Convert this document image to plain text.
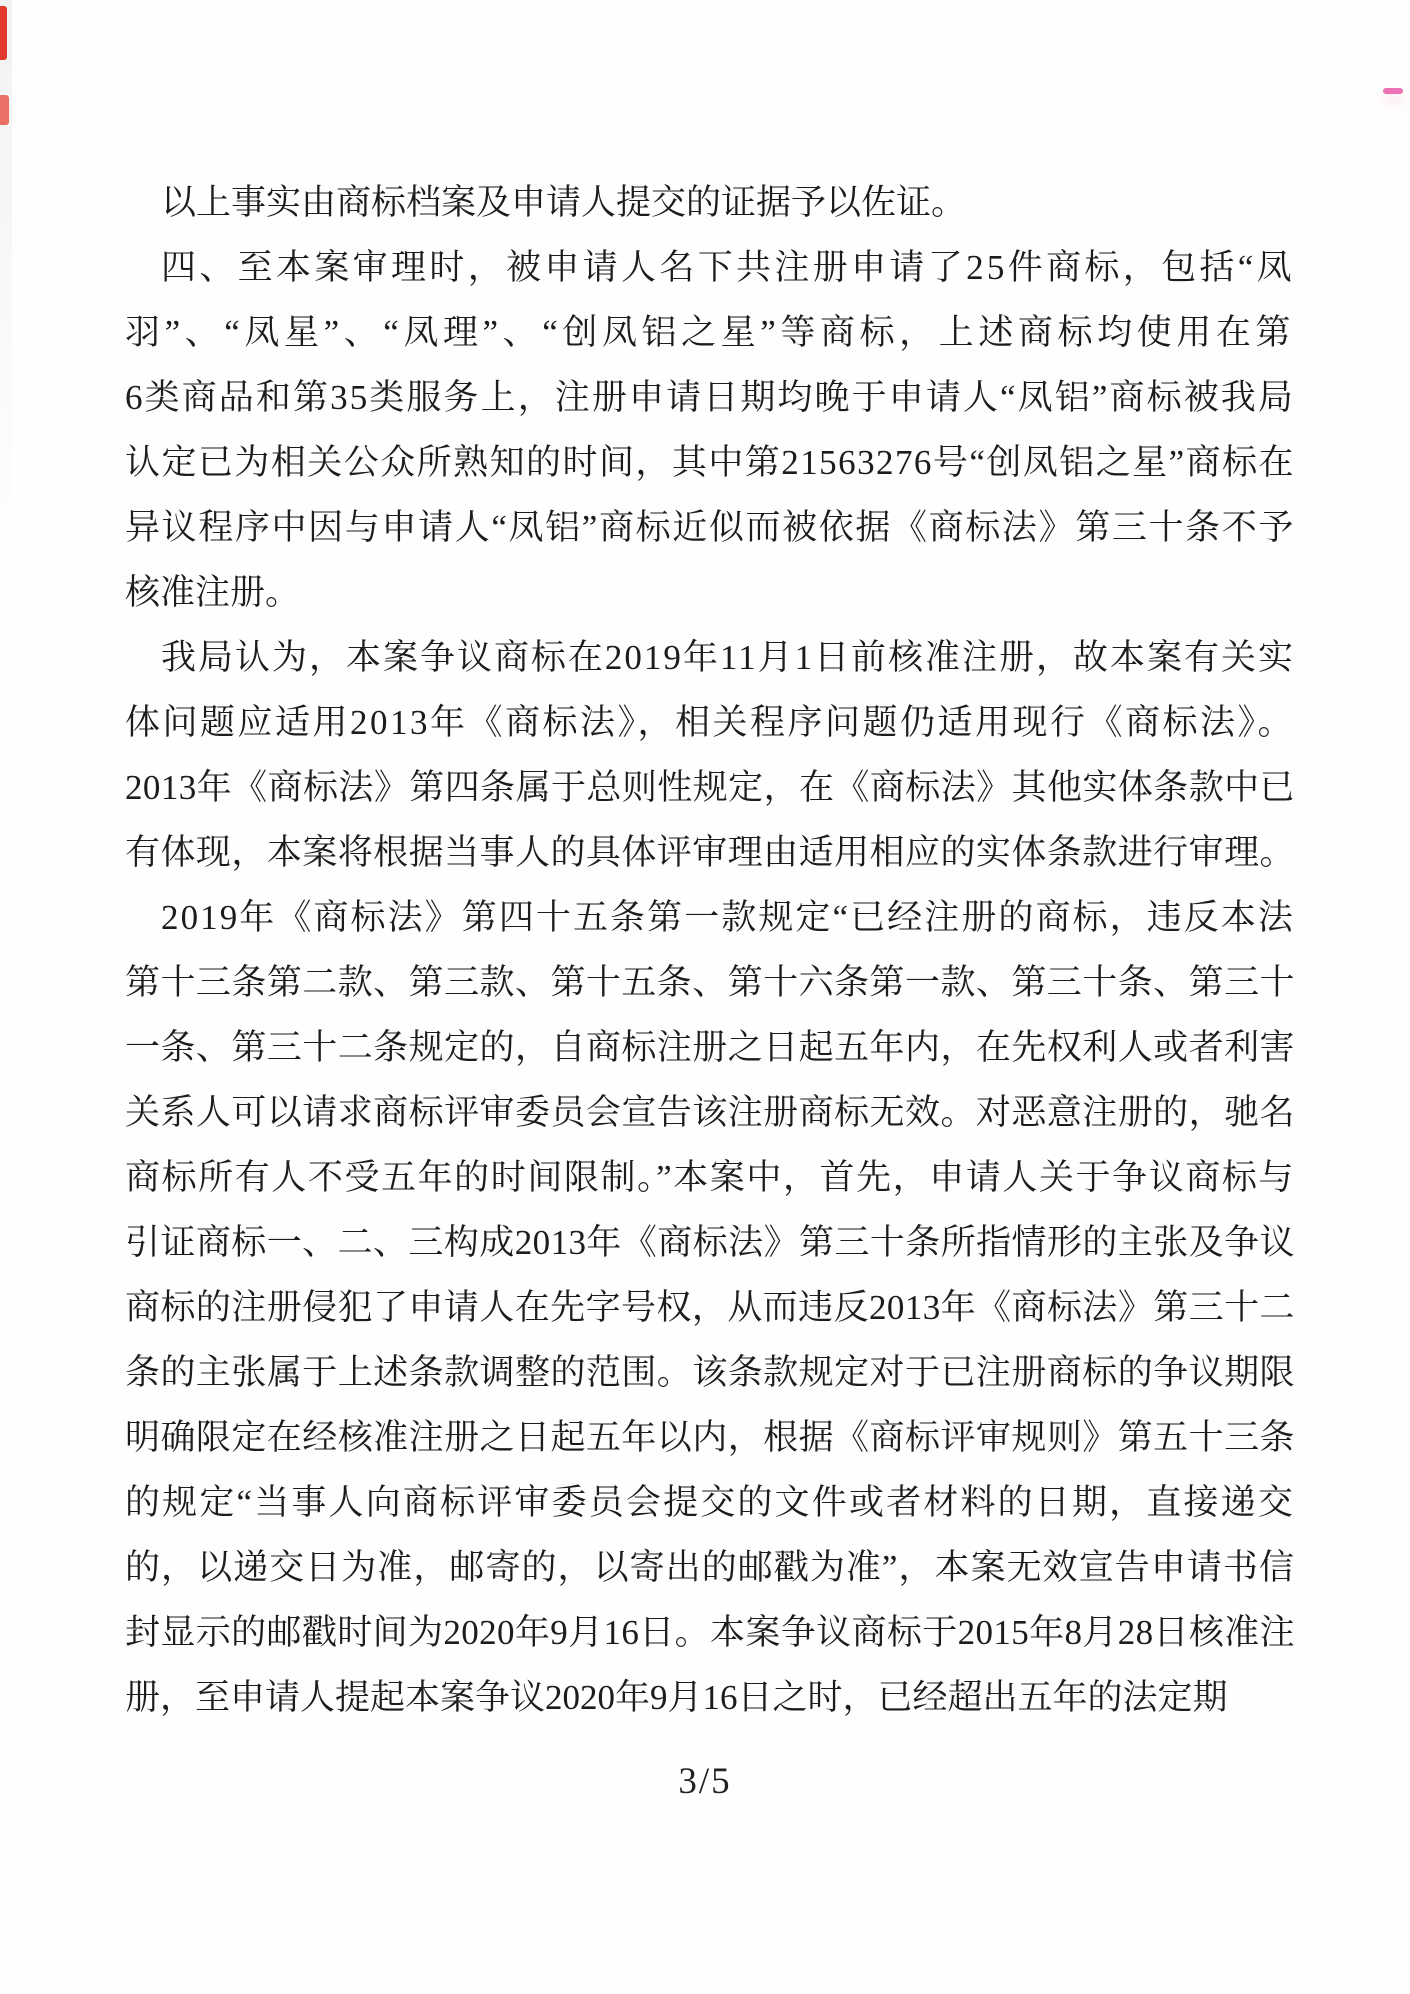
以上事实由商标档案及申请人提交的证据予以佐证。
四、至本案审理时，被申请人名下共注册申请了25件商标，包括“凤
羽”、“凤星”、“凤理”、“创凤铝之星”等商标，上述商标均使用在第
6类商品和第35类服务上，注册申请日期均晚于申请人“凤铝”商标被我局
认定已为相关公众所熟知的时间，其中第21563276号“创凤铝之星”商标在
异议程序中因与申请人“凤铝”商标近似而被依据《商标法》第三十条不予
核准注册。
我局认为，本案争议商标在2019年11月1日前核准注册，故本案有关实
体问题应适用2013年《商标法》，相关程序问题仍适用现行《商标法》。
2013年《商标法》第四条属于总则性规定，在《商标法》其他实体条款中已
有体现，本案将根据当事人的具体评审理由适用相应的实体条款进行审理。
2019年《商标法》第四十五条第一款规定“已经注册的商标，违反本法
第十三条第二款、第三款、第十五条、第十六条第一款、第三十条、第三十
一条、第三十二条规定的，自商标注册之日起五年内，在先权利人或者利害
关系人可以请求商标评审委员会宣告该注册商标无效。对恶意注册的，驰名
商标所有人不受五年的时间限制。”本案中，首先，申请人关于争议商标与
引证商标一、二、三构成2013年《商标法》第三十条所指情形的主张及争议
商标的注册侵犯了申请人在先字号权，从而违反2013年《商标法》第三十二
条的主张属于上述条款调整的范围。该条款规定对于已注册商标的争议期限
明确限定在经核准注册之日起五年以内，根据《商标评审规则》第五十三条
的规定“当事人向商标评审委员会提交的文件或者材料的日期，直接递交
的，以递交日为准，邮寄的，以寄出的邮戳为准”，本案无效宣告申请书信
封显示的邮戳时间为2020年9月16日。本案争议商标于2015年8月28日核准注
册，至申请人提起本案争议2020年9月16日之时，已经超出五年的法定期
3/5
